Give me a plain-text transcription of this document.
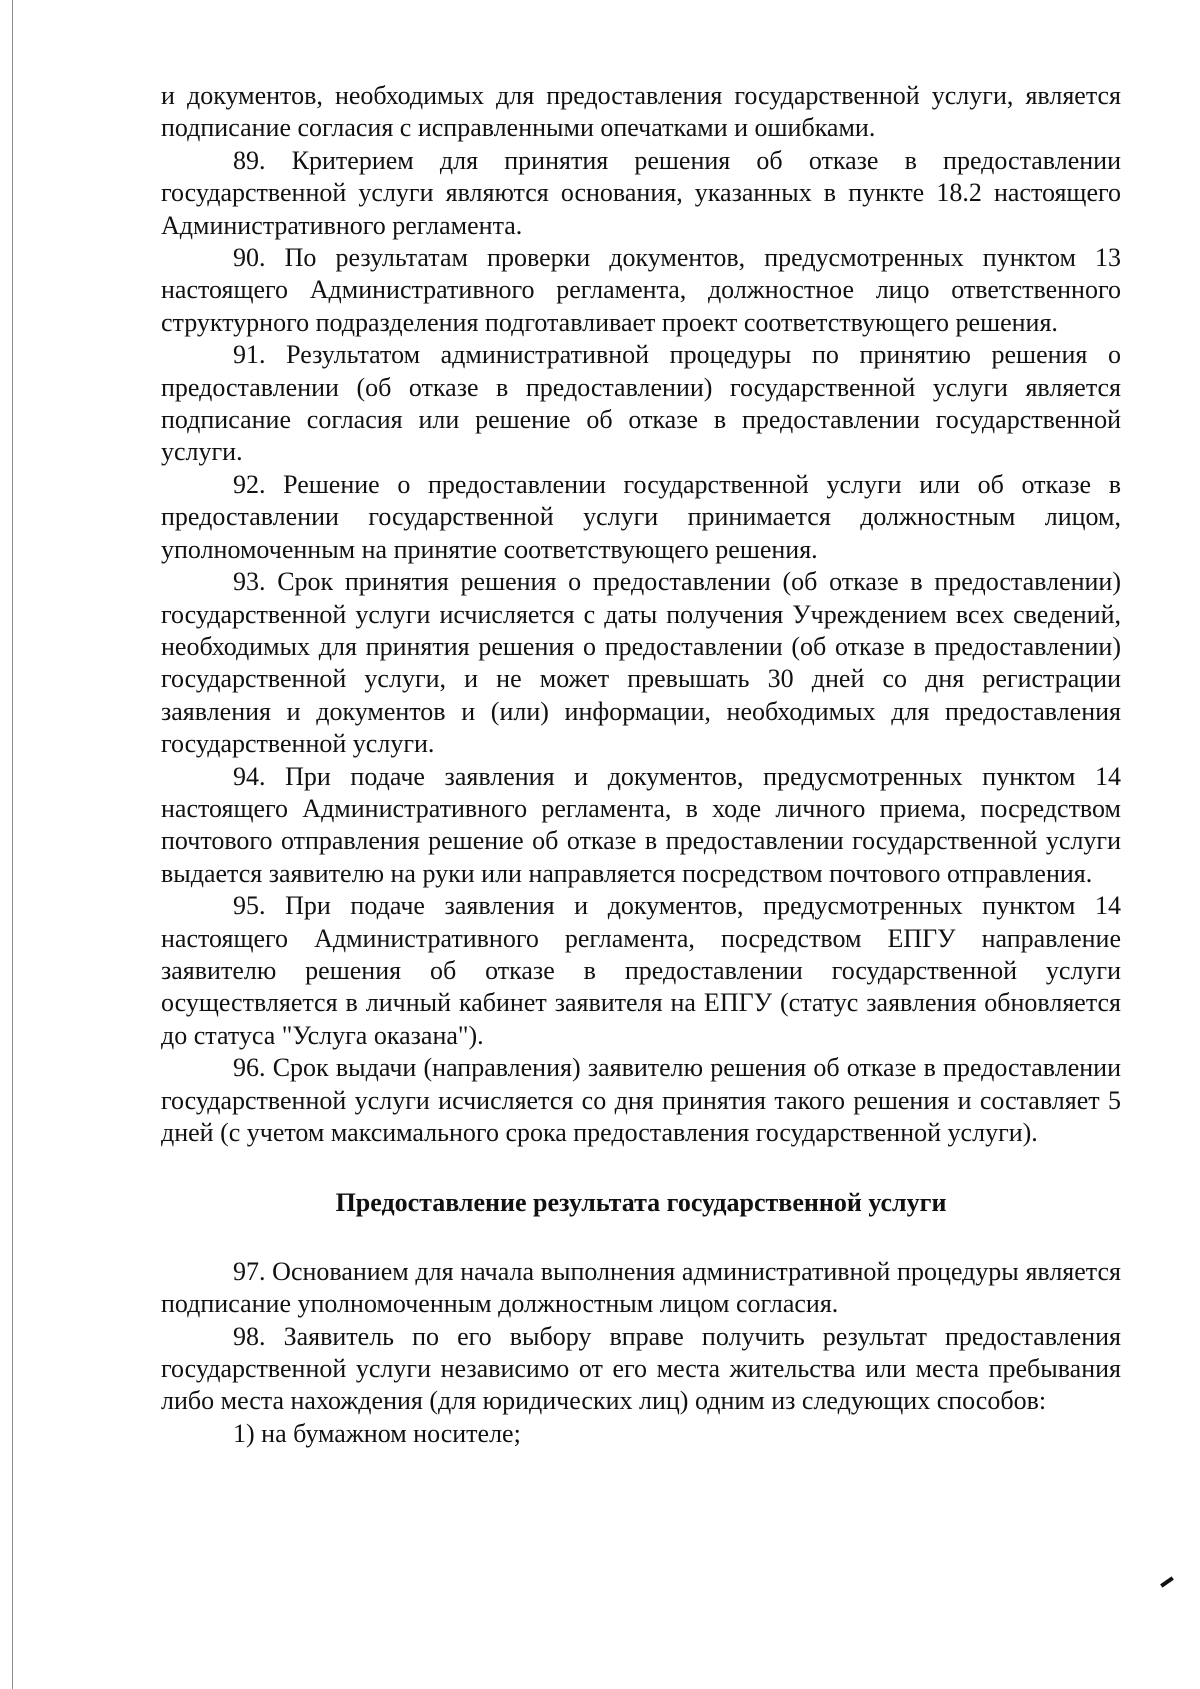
и документов, необходимых для предоставления государственной услуги, является подписание согласия с исправленными опечатками и ошибками.

89. Критерием для принятия решения об отказе в предоставлении государственной услуги являются основания, указанных в пункте 18.2 настоящего Административного регламента.

90. По результатам проверки документов, предусмотренных пунктом 13 настоящего Административного регламента, должностное лицо ответственного структурного подразделения подготавливает проект соответствующего решения.

91. Результатом административной процедуры по принятию решения о предоставлении (об отказе в предоставлении) государственной услуги является подписание согласия или решение об отказе в предоставлении государственной услуги.

92. Решение о предоставлении государственной услуги или об отказе в предоставлении государственной услуги принимается должностным лицом, уполномоченным на принятие соответствующего решения.

93. Срок принятия решения о предоставлении (об отказе в предоставлении) государственной услуги исчисляется с даты получения Учреждением всех сведений, необходимых для принятия решения о предоставлении (об отказе в предоставлении) государственной услуги, и не может превышать 30 дней со дня регистрации заявления и документов и (или) информации, необходимых для предоставления государственной услуги.

94. При подаче заявления и документов, предусмотренных пунктом 14 настоящего Административного регламента, в ходе личного приема, посредством почтового отправления решение об отказе в предоставлении государственной услуги выдается заявителю на руки или направляется посредством почтового отправления.

95. При подаче заявления и документов, предусмотренных пунктом 14 настоящего Административного регламента, посредством ЕПГУ направление заявителю решения об отказе в предоставлении государственной услуги осуществляется в личный кабинет заявителя на ЕПГУ (статус заявления обновляется до статуса "Услуга оказана").

96. Срок выдачи (направления) заявителю решения об отказе в предоставлении государственной услуги исчисляется со дня принятия такого решения и составляет 5 дней (с учетом максимального срока предоставления государственной услуги).

Предоставление результата государственной услуги

97. Основанием для начала выполнения административной процедуры является подписание уполномоченным должностным лицом согласия.

98. Заявитель по его выбору вправе получить результат предоставления государственной услуги независимо от его места жительства или места пребывания либо места нахождения (для юридических лиц) одним из следующих способов:

1) на бумажном носителе;
